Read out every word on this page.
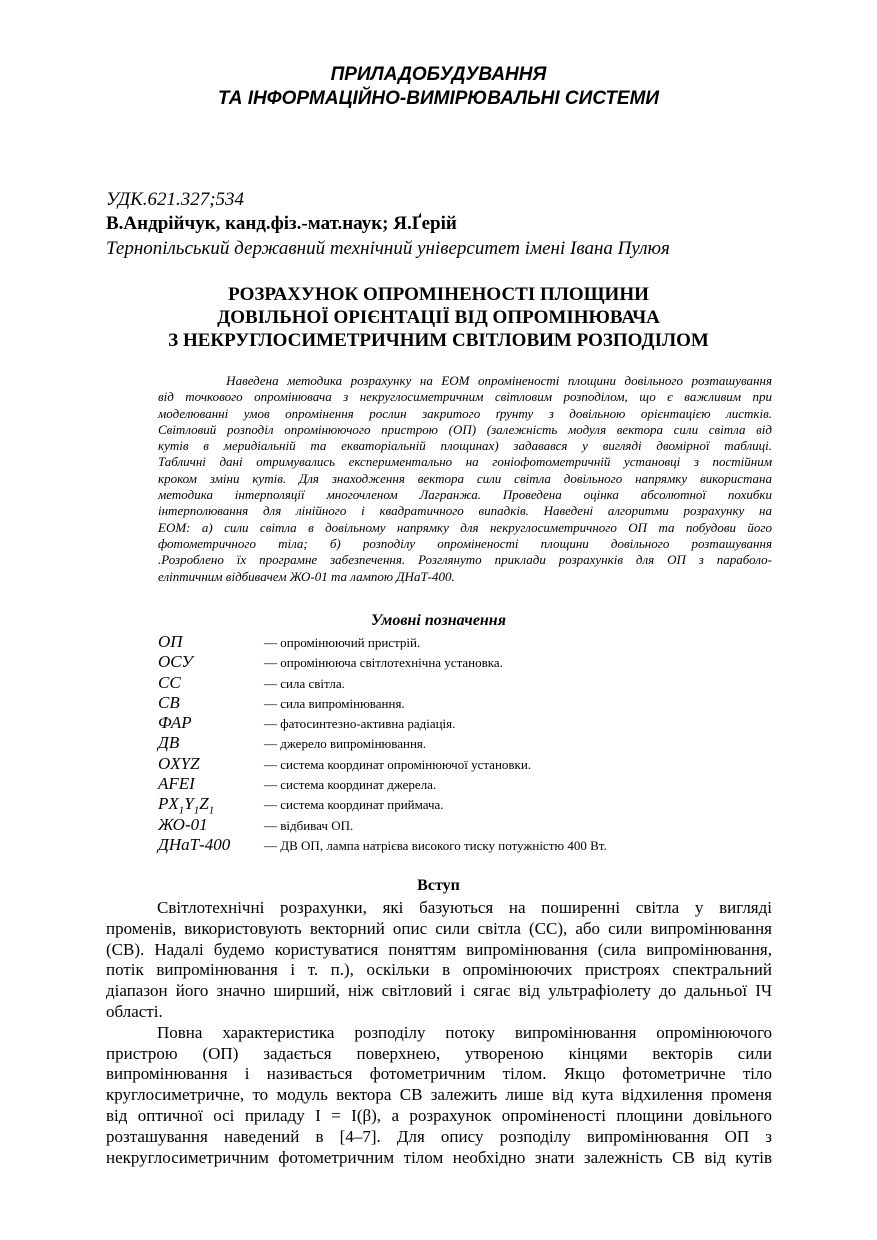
ПРИЛАДОБУДУВАННЯ
ТА ІНФОРМАЦІЙНО-ВИМІРЮВАЛЬНІ СИСТЕМИ
УДК.621.327;534
В.Андрійчук, канд.фіз.-мат.наук; Я.Ґерій
Тернопільський державний технічний університет імені Івана Пулюя
РОЗРАХУНОК ОПРОМІНЕНОСТІ ПЛОЩИНИ
ДОВІЛЬНОЇ ОРІЄНТАЦІЇ ВІД ОПРОМІНЮВАЧА
З НЕКРУГЛОСИМЕТРИЧНИМ СВІТЛОВИМ РОЗПОДІЛОМ
Наведена методика розрахунку на ЕОМ опроміненості площини довільного розташування
від точкового опромінювача з некруглосиметричним світловим розподілом, що є важливим при
моделюванні умов опромінення рослин закритого ґрунту з довільною орієнтацією листків.
Світловий розподіл опромінюючого пристрою (ОП) (залежність модуля вектора сили світла від
кутів в меридіальній та екваторіальній площинах) задавався у вигляді двомірної таблиці.
Табличні дані отримувались експериментально на гоніофотометричній установці з постійним
кроком зміни кутів. Для знаходження вектора сили світла довільного напрямку використана
методика інтерполяції многочленом Лагранжа. Проведена оцінка абсолютної похибки
інтерполювання для лінійного і квадратичного випадків. Наведені алгоритми розрахунку на
ЕОМ: а) сили світла в довільному напрямку для некруглосиметричного ОП та побудови його
фотометричного тіла; б) розподілу опроміненості площини довільного розташування
.Розроблено їх програмне забезпечення. Розглянуто приклади розрахунків для ОП з параболо-
еліптичним відбивачем ЖО-01 та лампою ДНаТ-400.
Умовні позначення
ОП	— опромінюючий пристрій.
ОСУ	— опромінююча світлотехнічна установка.
СС	— сила світла.
СВ	— сила випромінювання.
ФАР	— фатосинтезно-активна радіація.
ДВ	— джерело випромінювання.
OXYZ	— система координат опромінюючої установки.
AFEI	— система координат джерела.
$PX_1Y_1Z_1$	— система координат приймача.
ЖО-01	— відбивач ОП.
ДНаТ-400	— ДВ ОП, лампа натрієва високого тиску потужністю 400 Вт.
Вступ
Світлотехнічні розрахунки, які базуються на поширенні світла у вигляді
променів, використовують векторний опис сили світла (СС), або сили випромінювання
(СВ). Надалі будемо користуватися поняттям випромінювання (сила випромінювання,
потік випромінювання і т. п.), оскільки в опромінюючих пристроях спектральний
діапазон його значно ширший, ніж світловий і сягає від ультрафіолету до дальньої ІЧ
області.
Повна характеристика розподілу потоку випромінювання опромінюючого
пристрою (ОП) задається поверхнею, утвореною кінцями векторів сили
випромінювання і називається фотометричним тілом. Якщо фотометричне тіло
круглосиметричне, то модуль вектора СВ залежить лише від кута відхилення променя
від оптичної осі приладу I = I(β), а розрахунок опроміненості площини довільного
розташування наведений в [4–7]. Для опису розподілу випромінювання ОП з
некруглосиметричним фотометричним тілом необхідно знати залежність СВ від кутів
